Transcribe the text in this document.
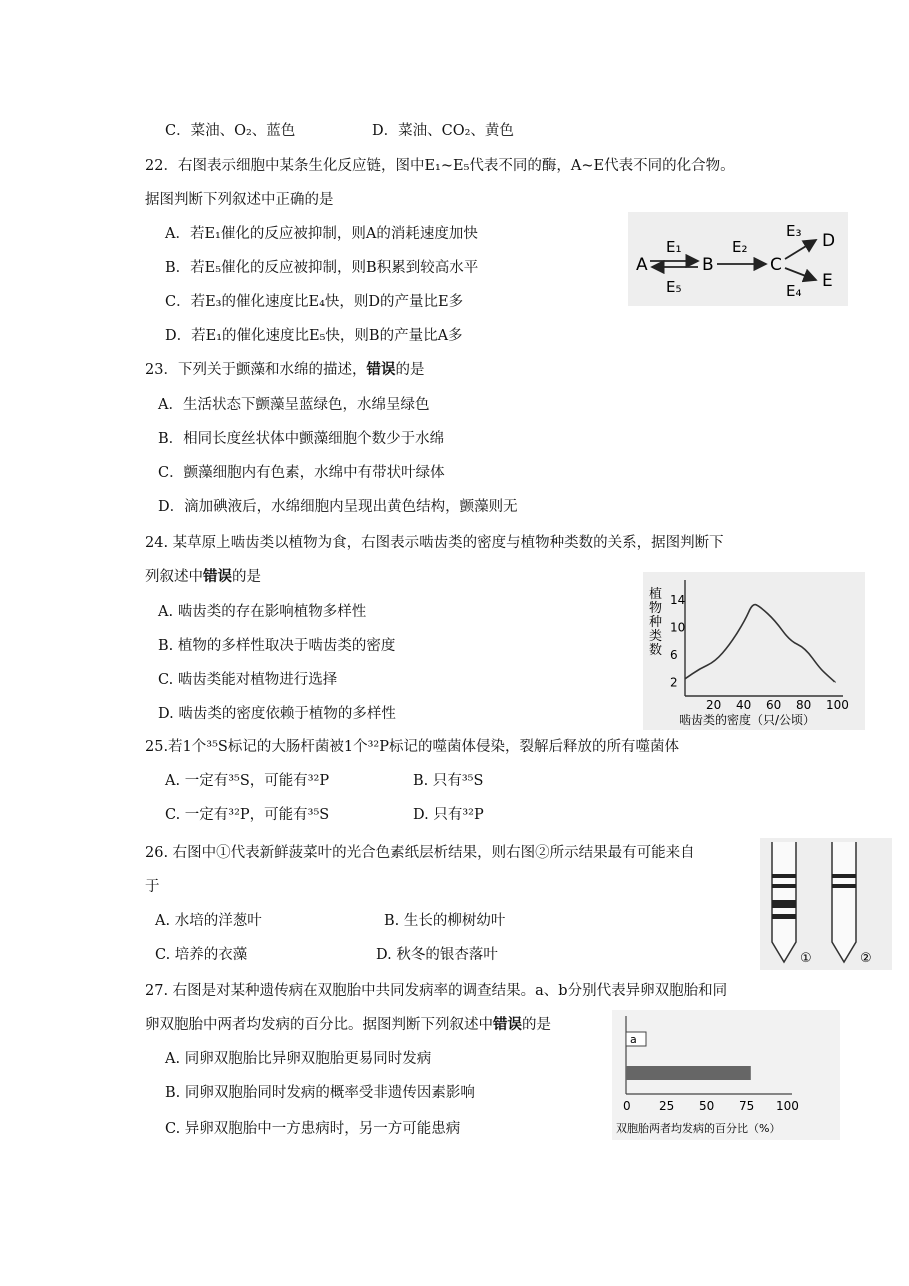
C．菜油、O₂、蓝色	D．菜油、CO₂、黄色
22．右图表示细胞中某条生化反应链，图中E₁~E₅代表不同的酶，A~E代表不同的化合物。
据图判断下列叙述中正确的是
A．若E₁催化的反应被抑制，则A的消耗速度加快
B．若E₅催化的反应被抑制，则B积累到较高水平
C．若E₃的催化速度比E₄快，则D的产量比E多
D．若E₁的催化速度比E₅快，则B的产量比A多
A	B	C
D
E
E₁
E₅
E₂
E₃
E₄
23．下列关于颤藻和水绵的描述，错误的是
A．生活状态下颤藻呈蓝绿色，水绵呈绿色
B．相同长度丝状体中颤藻细胞个数少于水绵
C．颤藻细胞内有色素，水绵中有带状叶绿体
D．滴加碘液后，水绵细胞内呈现出黄色结构，颤藻则无
24. 某草原上啮齿类以植物为食，右图表示啮齿类的密度与植物种类数的关系，据图判断下
列叙述中错误的是
A. 啮齿类的存在影响植物多样性
B. 植物的多样性取决于啮齿类的密度
C. 啮齿类能对植物进行选择
D. 啮齿类的密度依赖于植物的多样性
植 物 种 类 数
20 40 60 80 100
2
6
10
14
啮齿类的密度（只/公顷）
25.若1个³⁵S标记的大肠杆菌被1个³²P标记的噬菌体侵染，裂解后释放的所有噬菌体
A. 一定有³⁵S，可能有³²P	B. 只有³⁵S
C. 一定有³²P，可能有³⁵S	D. 只有³²P
26. 右图中①代表新鲜菠菜叶的光合色素纸层析结果，则右图②所示结果最有可能来自
于
A. 水培的洋葱叶	B. 生长的柳树幼叶
C. 培养的衣藻	D. 秋冬的银杏落叶	①	②
27. 右图是对某种遗传病在双胞胎中共同发病率的调查结果。a、b分别代表异卵双胞胎和同
卵双胞胎中两者均发病的百分比。据图判断下列叙述中错误的是
A. 同卵双胞胎比异卵双胞胎更易同时发病
B. 同卵双胞胎同时发病的概率受非遗传因素影响
C. 异卵双胞胎中一方患病时，另一方可能患病
a
0 25 50 75 100
双胞胎两者均发病的百分比（%）
